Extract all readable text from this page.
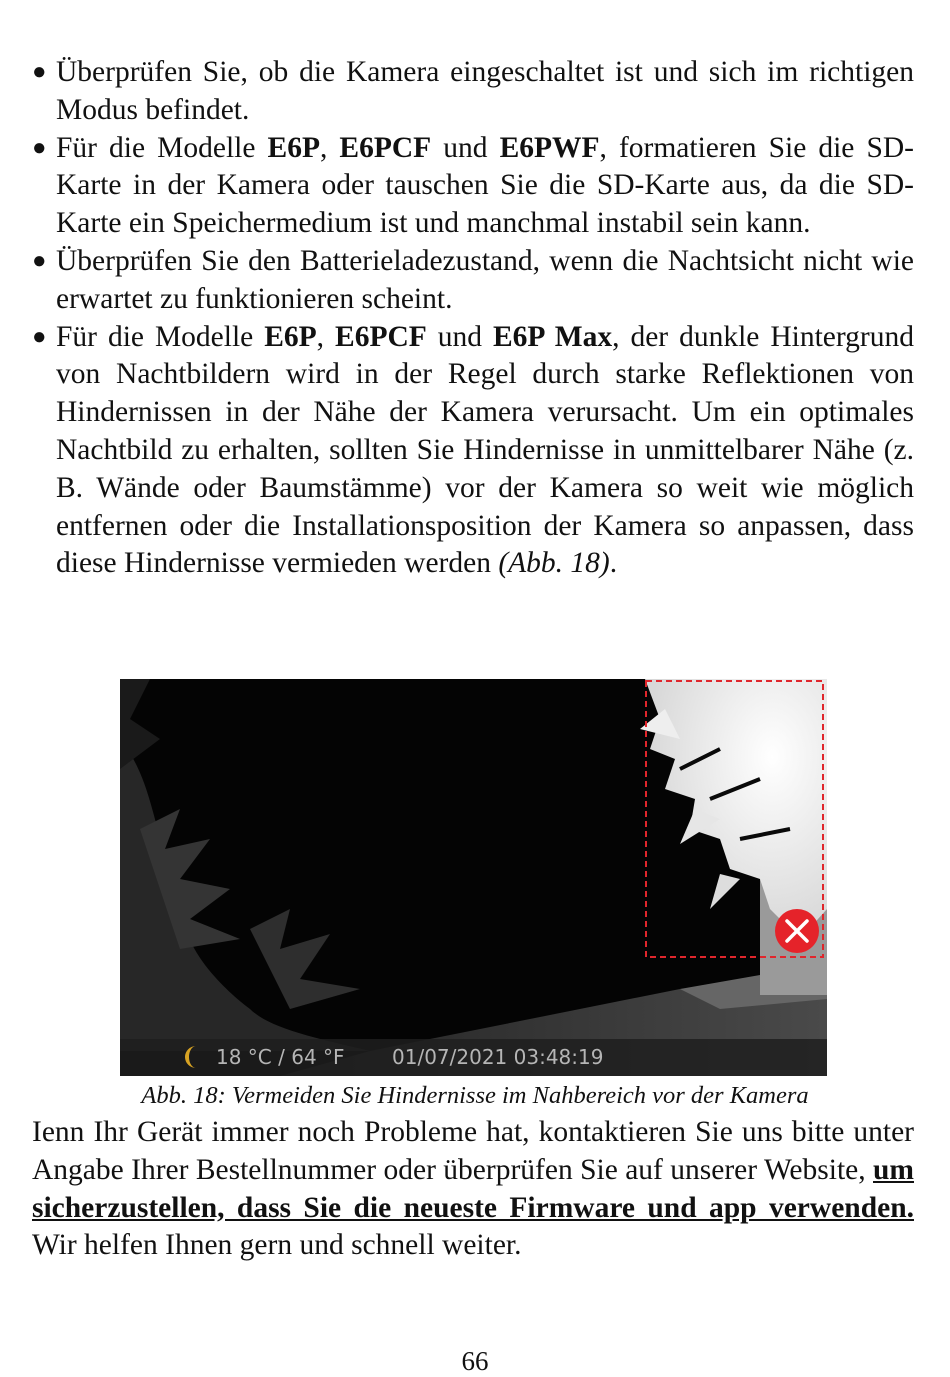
● Überprüfen Sie, ob die Kamera eingeschaltet ist und sich im richtigen Modus befindet.
● Für die Modelle E6P, E6PCF und E6PWF, formatieren Sie die SD-Karte in der Kamera oder tauschen Sie die SD-Karte aus, da die SD-Karte ein Speichermedium ist und manchmal instabil sein kann.
● Überprüfen Sie den Batterieladezustand, wenn die Nachtsicht nicht wie erwartet zu funktionieren scheint.
● Für die Modelle E6P, E6PCF und E6P Max, der dunkle Hintergrund von Nachtbildern wird in der Regel durch starke Reflektionen von Hindernissen in der Nähe der Kamera verursacht. Um ein optimales Nachtbild zu erhalten, sollten Sie Hindernisse in unmittelbarer Nähe (z. B. Wände oder Baumstämme) vor der Kamera so weit wie möglich entfernen oder die Installationsposition der Kamera so anpassen, dass diese Hindernisse vermieden werden (Abb. 18).
18 °C / 64 °F 01/07/2021 03:48:19
Abb. 18: Vermeiden Sie Hindernisse im Nahbereich vor der Kamera

Ienn Ihr Gerät immer noch Probleme hat, kontaktieren Sie uns bitte unter Angabe Ihrer Bestellnummer oder überprüfen Sie auf unserer Website, um sicherzustellen, dass Sie die neueste Firmware und app verwenden. Wir helfen Ihnen gern und schnell weiter.

66
